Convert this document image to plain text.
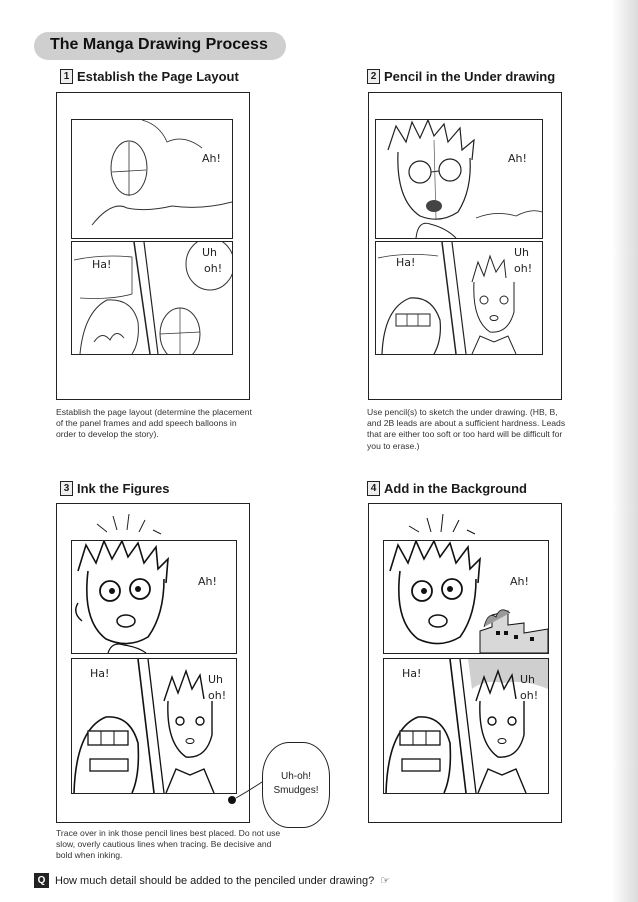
The Manga Drawing Process
1 Establish the Page Layout	2 Pencil in the Under drawing
3 Ink the Figures	4 Add in the Background
Ah!
Ha!
Uh
oh!
Establish the page layout (determine the placement of the panel frames and add speech balloons in order to develop the story).
Ah!
Ha!
Uh
oh!
Use pencil(s) to sketch the under drawing. (HB, B, and 2B leads are about a sufficient hardness. Leads that are either too soft or too hard will be difficult for you to erase.)
Ah!
Ha!	Uh
oh!
Uh-oh!
Smudges!
Trace over in ink those pencil lines best placed. Do not use slow, overly cautious lines when tracing. Be decisive and bold when inking.
Ah!
Ha!	Uh
oh!
Q How much detail should be added to the penciled under drawing? ☞
